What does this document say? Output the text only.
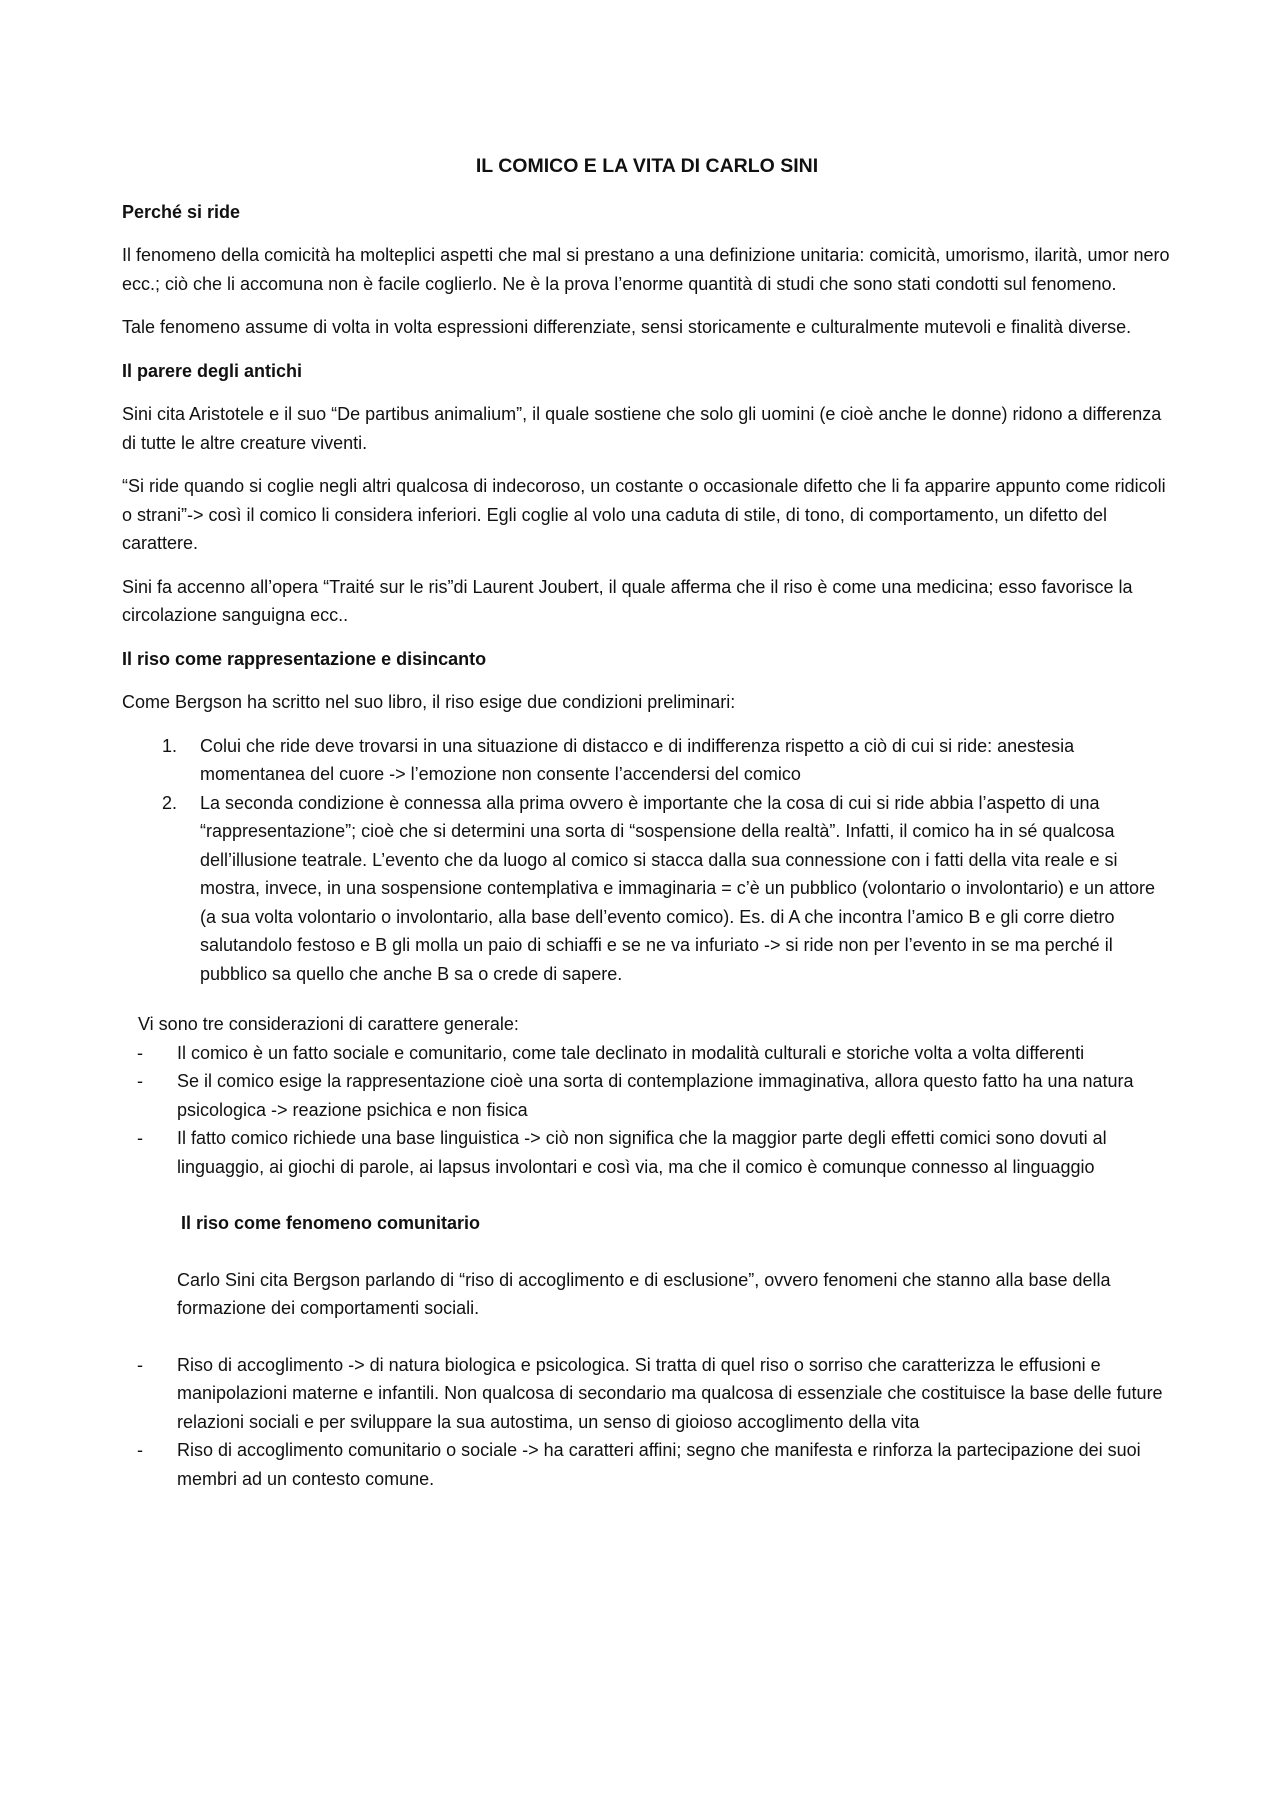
IL COMICO E LA VITA DI CARLO SINI
Perché si ride

Il fenomeno della comicità ha molteplici aspetti che mal si prestano a una definizione unitaria: comicità, umorismo, ilarità, umor nero ecc.; ciò che li accomuna non è facile coglierlo. Ne è la prova l’enorme quantità di studi che sono stati condotti sul fenomeno.

Tale fenomeno assume di volta in volta espressioni differenziate, sensi storicamente e culturalmente mutevoli e finalità diverse.

Il parere degli antichi

Sini cita Aristotele e il suo “De partibus animalium”, il quale sostiene che solo gli uomini (e cioè anche le donne) ridono a differenza di tutte le altre creature viventi.

“Si ride quando si coglie negli altri qualcosa di indecoroso, un costante o occasionale difetto che li fa apparire appunto come ridicoli o strani”-> così il comico li considera inferiori. Egli coglie al volo una caduta di stile, di tono, di comportamento, un difetto del carattere.

Sini fa accenno all’opera “Traité sur le ris”di Laurent Joubert, il quale afferma che il riso è come una medicina; esso favorisce la circolazione sanguigna ecc..

Il riso come rappresentazione e disincanto

Come Bergson ha scritto nel suo libro, il riso esige due condizioni preliminari:

1. Colui che ride deve trovarsi in una situazione di distacco e di indifferenza rispetto a ciò di cui si ride: anestesia momentanea del cuore -> l’emozione non consente l’accendersi del comico
2. La seconda condizione è connessa alla prima ovvero è importante che la cosa di cui si ride abbia l’aspetto di una “rappresentazione”; cioè che si determini una sorta di “sospensione della realtà”. Infatti, il comico ha in sé qualcosa dell’illusione teatrale. L’evento che da luogo al comico si stacca dalla sua connessione con i fatti della vita reale e si mostra, invece, in una sospensione contemplativa e immaginaria = c’è un pubblico (volontario o involontario) e un attore (a sua volta volontario o involontario, alla base dell’evento comico). Es. di A che incontra l’amico B e gli corre dietro salutandolo festoso e B gli molla un paio di schiaffi e se ne va infuriato -> si ride non per l’evento in se ma perché il pubblico sa quello che anche B sa o crede di sapere.
Vi sono tre considerazioni di carattere generale:
- Il comico è un fatto sociale e comunitario, come tale declinato in modalità culturali e storiche volta a volta differenti
- Se il comico esige la rappresentazione cioè una sorta di contemplazione immaginativa, allora questo fatto ha una natura psicologica -> reazione psichica e non fisica
- Il fatto comico richiede una base linguistica -> ciò non significa che la maggior parte degli effetti comici sono dovuti al linguaggio, ai giochi di parole, ai lapsus involontari e così via, ma che il comico è comunque connesso al linguaggio
Il riso come fenomeno comunitario

Carlo Sini cita Bergson parlando di “riso di accoglimento e di esclusione”, ovvero fenomeni che stanno alla base della formazione dei comportamenti sociali.

- Riso di accoglimento -> di natura biologica e psicologica. Si tratta di quel riso o sorriso che caratterizza le effusioni e manipolazioni materne e infantili. Non qualcosa di secondario ma qualcosa di essenziale che costituisce la base delle future relazioni sociali e per sviluppare la sua autostima, un senso di gioioso accoglimento della vita
- Riso di accoglimento comunitario o sociale -> ha caratteri affini; segno che manifesta e rinforza la partecipazione dei suoi membri ad un contesto comune.
